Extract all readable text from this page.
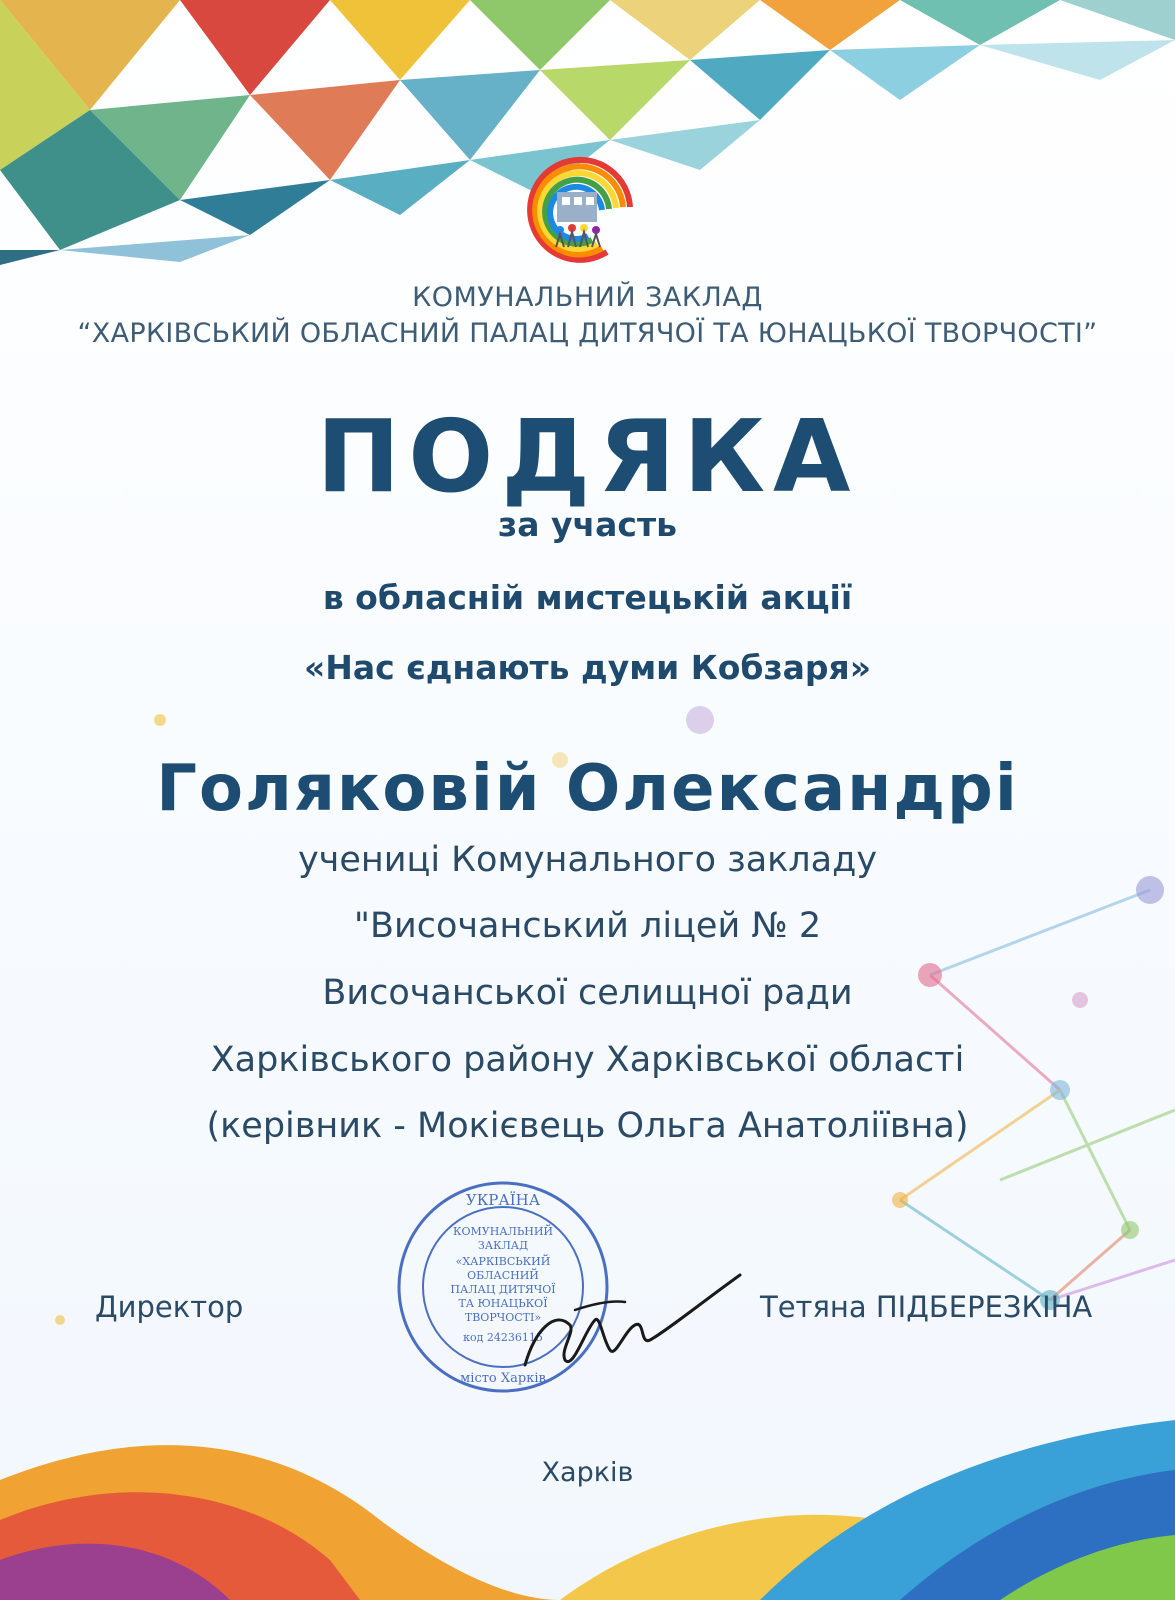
КОМУНАЛЬНИЙ ЗАКЛАД
“ХАРКІВСЬКИЙ ОБЛАСНИЙ ПАЛАЦ ДИТЯЧОЇ ТА ЮНАЦЬКОЇ ТВОРЧОСТІ”
ПОДЯКА
за участь
в обласній мистецькій акції
«Нас єднають думи Кобзаря»
Голяковій Олександрі
учениці Комунального закладу
"Височанський ліцей № 2
Височанської селищної ради
Харківського району Харківської області
(керівник - Мокієвець Ольга Анатоліївна)
Директор	Тетяна ПІДБЕРЕЗКІНА
УКРАЇНА
місто Харків
КОМУНАЛЬНИЙ
ЗАКЛАД
«ХАРКІВСЬКИЙ
ОБЛАСНИЙ
ПАЛАЦ ДИТЯЧОЇ
ТА ЮНАЦЬКОЇ
ТВОРЧОСТІ»
код 24236115
Харків
